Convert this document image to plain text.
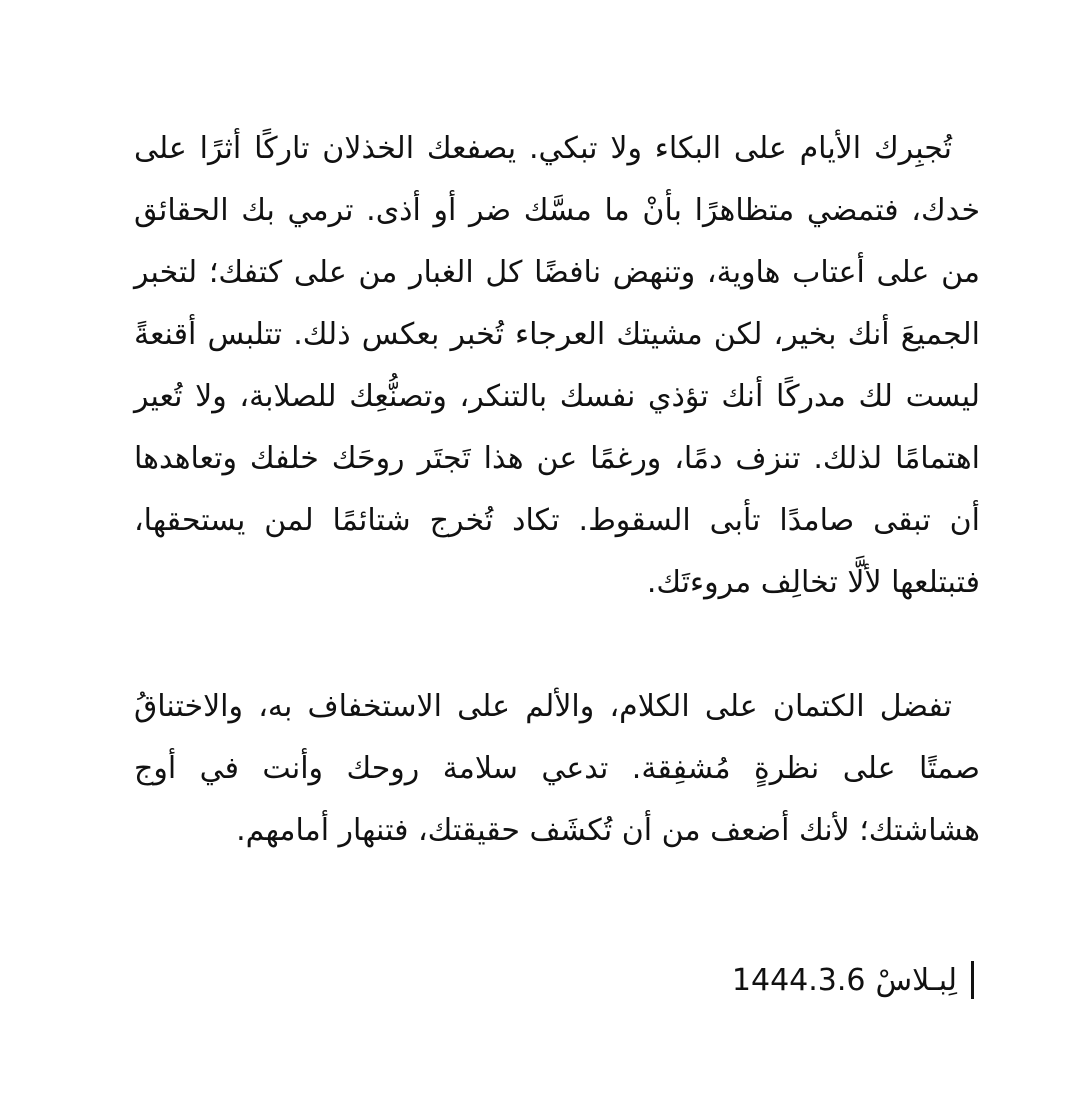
تُجبِرك الأيام على البكاء ولا تبكي. يصفعك الخذلان تاركًا أثرًا على خدك، فتمضي متظاهرًا بأنْ ما مسَّك ضر أو أذى. ترمي بك الحقائق من على أعتاب هاوية، وتنهض نافضًا كل الغبار من على كتفك؛ لتخبر الجميعَ أنك بخير، لكن مشيتك العرجاء تُخبر بعكس ذلك. تتلبس أقنعةً ليست لك مدركًا أنك تؤذي نفسك بالتنكر، وتصنُّعِك للصلابة، ولا تُعير اهتمامًا لذلك. تنزف دمًا، ورغمًا عن هذا تَجتَر روحَك خلفك وتعاهدها أن تبقى صامدًا تأبى السقوط. تكاد تُخرج شتائمًا لمن يستحقها، فتبتلعها لألَّا تخالِف مروءتَك.

تفضل الكتمان على الكلام، والألم على الاستخفاف به، والاختناقُ صمتًا على نظرةٍ مُشفِقة. تدعي سلامة روحك وأنت في أوج هشاشتك؛ لأنك أضعف من أن تُكشَف حقيقتك، فتنهار أمامهم.

لِبـلاسْ
1444.3.6
